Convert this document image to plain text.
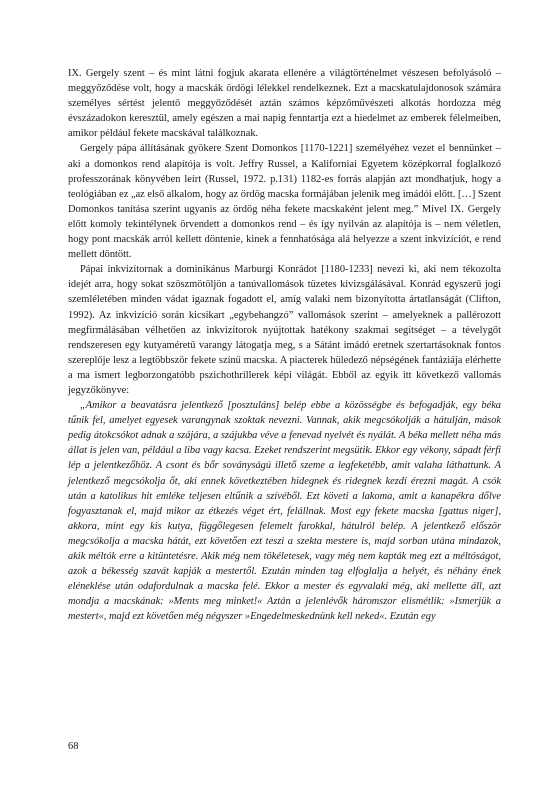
IX. Gergely szent – és mint látni fogjuk akarata ellenére a világtörténelmet vészesen befolyásoló – meggyőződése volt, hogy a macskák ördögi lélekkel rendelkeznek. Ezt a macskatulajdonosok számára személyes sértést jelentő meggyőződését aztán számos képzőművészeti alkotás hordozza még évszázadokon keresztül, amely egészen a mai napig fenntartja ezt a hiedelmet az emberek félelmeiben, amikor például fekete macskával találkoznak.

Gergely pápa állításának gyökere Szent Domonkos [1170-1221] személyéhez vezet el bennünket – aki a domonkos rend alapítója is volt. Jeffry Russel, a Kaliforniai Egyetem középkorral foglalkozó professzorának könyvében leírt (Russel, 1972. p.131) 1182-es forrás alapján azt mondhatjuk, hogy a teológiában ez „az első alkalom, hogy az ördög macska formájában jelenik meg imádói előtt. […] Szent Domonkos tanítása szerint ugyanis az ördög néha fekete macskaként jelent meg.” Mivel IX. Gergely előtt komoly tekintélynek örvendett a domonkos rend – és így nyilván az alapítója is – nem véletlen, hogy pont macskák arról kellett döntenie, kinek a fennhatósága alá helyezze a szent inkvizíciót, e rend mellett döntött.

Pápai inkvizítornak a dominikánus Marburgi Konrádot [1180-1233] nevezi ki, aki nem tékozolta idejét arra, hogy sokat szöszmötöljön a tanúvallomások tüzetes kivizsgálásával. Konrád egyszerű jogi szemléletében minden vádat igaznak fogadott el, amíg valaki nem bizonyította ártatlanságát (Clifton, 1992). Az inkvizíció során kicsikart „egybehangzó” vallomások szerint – amelyeknek a pallérozott megfirmálásában vélhetően az inkvizítorok nyújtottak hatékony szakmai segítséget – a tévelygőt rendszeresen egy kutyaméretű varangy látogatja meg, s a Sátánt imádó eretnek szertartásoknak fontos szereplője lesz a legtöbbször fekete színű macska. A piacterek hüledező népségének fantáziája elérhette a ma ismert legborzongatóbb pszichothrillerek képi világát. Ebből az egyik itt következő vallomás jegyzőkönyve:

„Amikor a beavatásra jelentkező [posztuláns] belép ebbe a közösségbe és befogadják, egy béka tűnik fel, amelyet egyesek varangynak szoktak nevezni. Vannak, akik megcsókolják a hátulján, mások pedig átokcsókot adnak a szájára, a szájukba véve a fenevad nyelvét és nyálát. A béka mellett néha más állat is jelen van, például a liba vagy kacsa. Ezeket rendszerint megsütik. Ekkor egy vékony, sápadt férfi lép a jelentkezőhöz. A csont és bőr soványságú illető szeme a legfeketébb, amit valaha láthattunk. A jelentkező megcsókolja őt, aki ennek következtében hidegnek és ridegnek kezdi érezni magát. A csók után a katolikus hit emléke teljesen eltűnik a szívéből. Ezt követi a lakoma, amit a kanapékra dőlve fogyasztanak el, majd mikor az étkezés véget ért, felállnak. Most egy fekete macska [gattus niger], akkora, mint egy kis kutya, függőlegesen felemelt farokkal, hátulról belép. A jelentkező először megcsókolja a macska hátát, ezt követően ezt teszi a szekta mestere is, majd sorban utána mindazok, akik méltók erre a kitüntetésre. Akik még nem tökéletesek, vagy még nem kapták meg ezt a méltóságot, azok a békesség szavát kapják a mestertől. Ezután minden tag elfoglalja a helyét, és néhány ének eléneklése után odafordulnak a macska felé. Ekkor a mester és egyvalaki még, aki mellette áll, azt mondja a macskának: »Ments meg minket!« Aztán a jelenlévők háromszor elismétlik: »Ismerjük a mestert«, majd ezt követően még négyszer »Engedelmeskednünk kell neked«. Ezután egy

68
